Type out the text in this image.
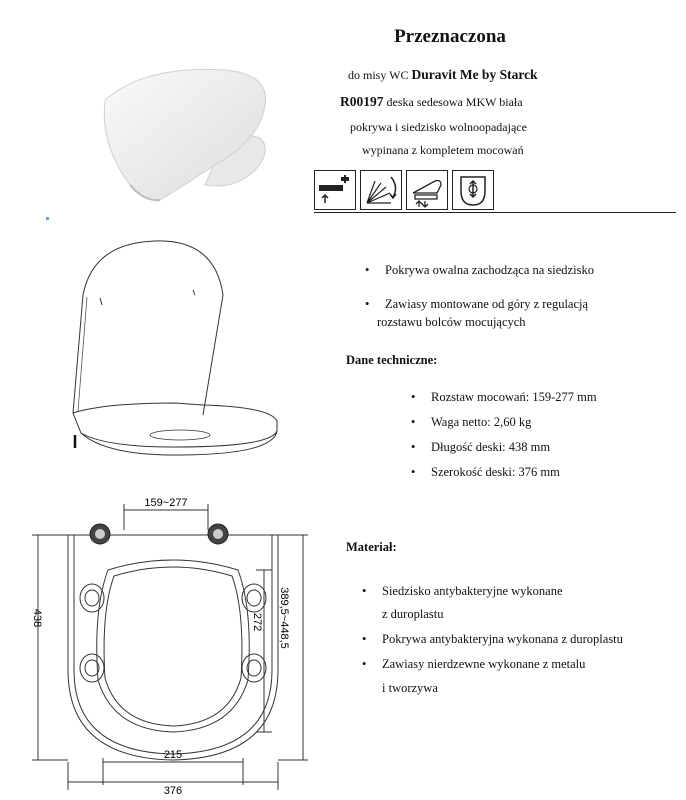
Przeznaczona
do misy WC Duravit Me by Starck
R00197 deska sedesowa MKW biała
pokrywa i siedzisko wolnoopadające
wypinana z kompletem mocowań
• Pokrywa owalna zachodząca na siedzisko
• Zawiasy montowane od góry z regulacją
rozstawu bolców mocujących
Dane techniczne:
• Rozstaw mocowań: 159-277 mm
• Waga netto: 2,60 kg
• Długość deski: 438 mm
• Szerokość deski: 376 mm
Materiał:
• Siedzisko antybakteryjne wykonane
z duroplastu
• Pokrywa antybakteryjna wykonana z duroplastu
• Zawiasy nierdzewne wykonane z metalu
i tworzywa
159~277
438	389,5~448,5
272
215
376
